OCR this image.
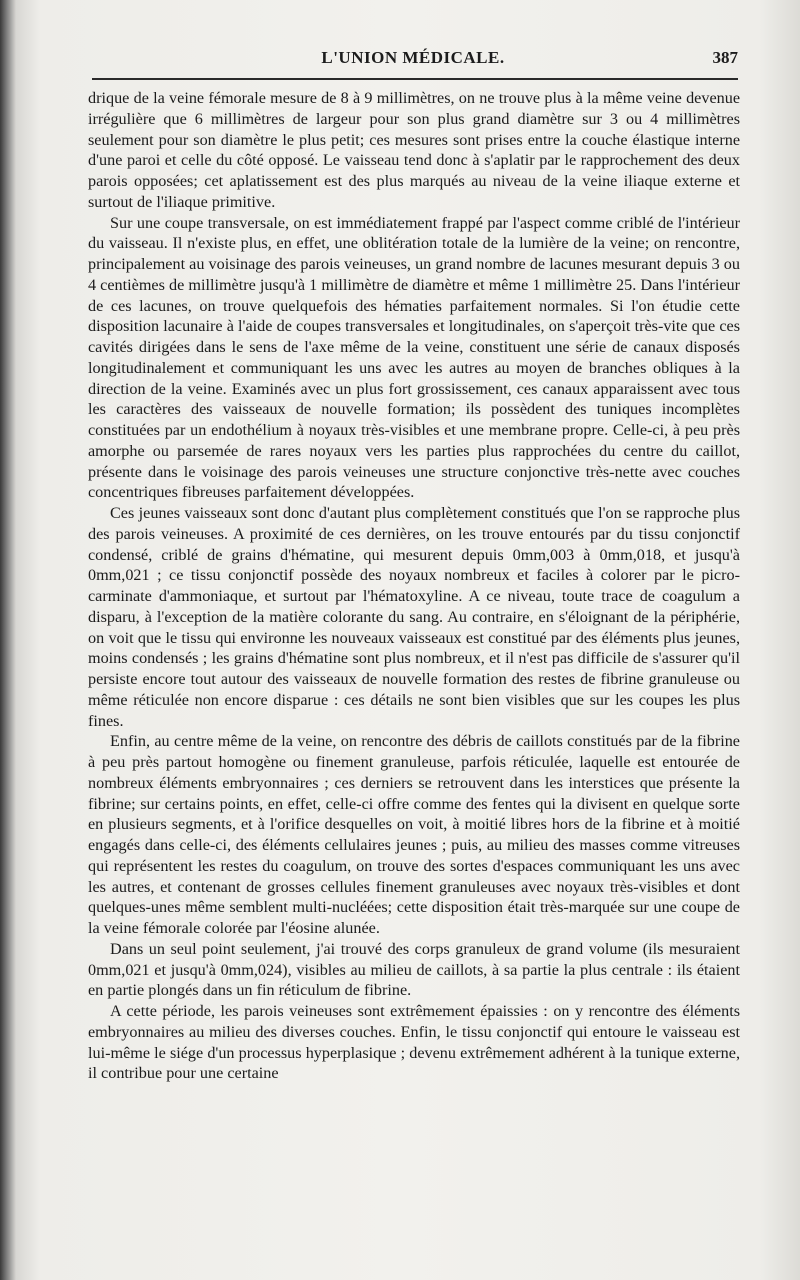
L'UNION MÉDICALE.	387

drique de la veine fémorale mesure de 8 à 9 millimètres, on ne trouve plus à la même veine devenue irrégulière que 6 millimètres de largeur pour son plus grand diamètre sur 3 ou 4 millimètres seulement pour son diamètre le plus petit; ces mesures sont prises entre la couche élastique interne d'une paroi et celle du côté opposé. Le vaisseau tend donc à s'aplatir par le rapprochement des deux parois opposées; cet aplatissement est des plus marqués au niveau de la veine iliaque externe et surtout de l'iliaque primitive.

Sur une coupe transversale, on est immédiatement frappé par l'aspect comme criblé de l'intérieur du vaisseau. Il n'existe plus, en effet, une oblitération totale de la lumière de la veine; on rencontre, principalement au voisinage des parois veineuses, un grand nombre de lacunes mesurant depuis 3 ou 4 centièmes de millimètre jusqu'à 1 millimètre de diamètre et même 1 millimètre 25. Dans l'intérieur de ces lacunes, on trouve quelquefois des hématies parfaitement normales. Si l'on étudie cette disposition lacunaire à l'aide de coupes transversales et longitudinales, on s'aperçoit très-vite que ces cavités dirigées dans le sens de l'axe même de la veine, constituent une série de canaux disposés longitudinalement et communiquant les uns avec les autres au moyen de branches obliques à la direction de la veine. Examinés avec un plus fort grossissement, ces canaux apparaissent avec tous les caractères des vaisseaux de nouvelle formation; ils possèdent des tuniques incomplètes constituées par un endothélium à noyaux très-visibles et une membrane propre. Celle-ci, à peu près amorphe ou parsemée de rares noyaux vers les parties plus rapprochées du centre du caillot, présente dans le voisinage des parois veineuses une structure conjonctive très-nette avec couches concentriques fibreuses parfaitement développées.

Ces jeunes vaisseaux sont donc d'autant plus complètement constitués que l'on se rapproche plus des parois veineuses. A proximité de ces dernières, on les trouve entourés par du tissu conjonctif condensé, criblé de grains d'hématine, qui mesurent depuis 0mm,003 à 0mm,018, et jusqu'à 0mm,021 ; ce tissu conjonctif possède des noyaux nombreux et faciles à colorer par le picro-carminate d'ammoniaque, et surtout par l'hématoxyline. A ce niveau, toute trace de coagulum a disparu, à l'exception de la matière colorante du sang. Au contraire, en s'éloignant de la périphérie, on voit que le tissu qui environne les nouveaux vaisseaux est constitué par des éléments plus jeunes, moins condensés ; les grains d'hématine sont plus nombreux, et il n'est pas difficile de s'assurer qu'il persiste encore tout autour des vaisseaux de nouvelle formation des restes de fibrine granuleuse ou même réticulée non encore disparue : ces détails ne sont bien visibles que sur les coupes les plus fines.

Enfin, au centre même de la veine, on rencontre des débris de caillots constitués par de la fibrine à peu près partout homogène ou finement granuleuse, parfois réticulée, laquelle est entourée de nombreux éléments embryonnaires ; ces derniers se retrouvent dans les interstices que présente la fibrine; sur certains points, en effet, celle-ci offre comme des fentes qui la divisent en quelque sorte en plusieurs segments, et à l'orifice desquelles on voit, à moitié libres hors de la fibrine et à moitié engagés dans celle-ci, des éléments cellulaires jeunes ; puis, au milieu des masses comme vitreuses qui représentent les restes du coagulum, on trouve des sortes d'espaces communiquant les uns avec les autres, et contenant de grosses cellules finement granuleuses avec noyaux très-visibles et dont quelques-unes même semblent multi-nucléées; cette disposition était très-marquée sur une coupe de la veine fémorale colorée par l'éosine alunée.

Dans un seul point seulement, j'ai trouvé des corps granuleux de grand volume (ils mesuraient 0mm,021 et jusqu'à 0mm,024), visibles au milieu de caillots, à sa partie la plus centrale : ils étaient en partie plongés dans un fin réticulum de fibrine.

A cette période, les parois veineuses sont extrêmement épaissies : on y rencontre des éléments embryonnaires au milieu des diverses couches. Enfin, le tissu conjonctif qui entoure le vaisseau est lui-même le siége d'un processus hyperplasique ; devenu extrêmement adhérent à la tunique externe, il contribue pour une certaine
